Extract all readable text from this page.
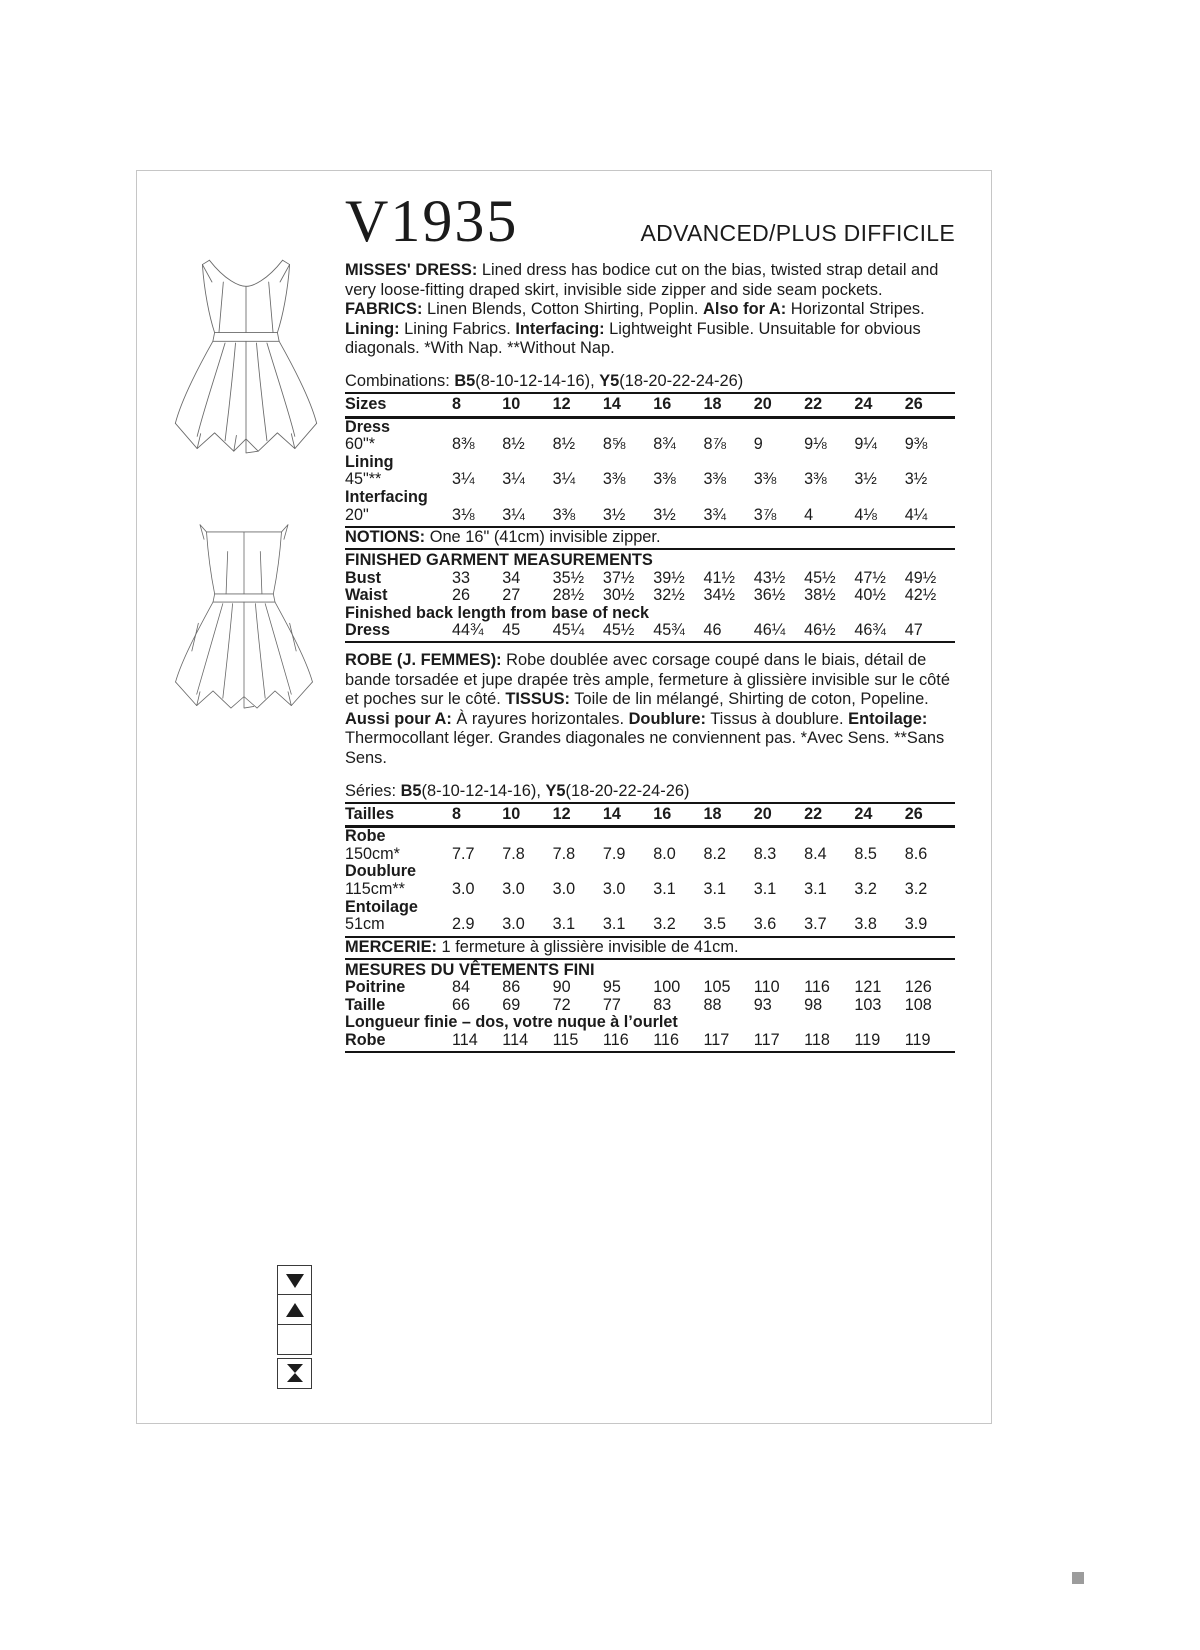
V1935	ADVANCED/PLUS DIFFICILE

MISSES' DRESS: Lined dress has bodice cut on the bias, twisted strap detail and very loose-fitting draped skirt, invisible side zipper and side seam pockets. FABRICS: Linen Blends, Cotton Shirting, Poplin. Also for A: Horizontal Stripes. Lining: Lining Fabrics. Interfacing: Lightweight Fusible. Unsuitable for obvious diagonals. *With Nap. **Without Nap.

Combinations: B5(8-10-12-14-16), Y5(18-20-22-24-26)
Sizes	8	10	12	14	16	18	20	22	24	26
Dress
60"*	8⅜	8½	8½	8⅝	8¾	8⅞	9	9⅛	9¼	9⅜
Lining
45"**	3¼	3¼	3¼	3⅜	3⅜	3⅜	3⅜	3⅜	3½	3½
Interfacing
20"	3⅛	3¼	3⅜	3½	3½	3¾	3⅞	4	4⅛	4¼
NOTIONS: One 16" (41cm) invisible zipper.
FINISHED GARMENT MEASUREMENTS
Bust	33	34	35½	37½	39½	41½	43½	45½	47½	49½
Waist	26	27	28½	30½	32½	34½	36½	38½	40½	42½
Finished back length from base of neck
Dress	44¾	45	45¼	45½	45¾	46	46¼	46½	46¾	47

ROBE (J. FEMMES): Robe doublée avec corsage coupé dans le biais, détail de bande torsadée et jupe drapée très ample, fermeture à glissière invisible sur le côté et poches sur le côté. TISSUS: Toile de lin mélangé, Shirting de coton, Popeline. Aussi pour A: À rayures horizontales. Doublure: Tissus à doublure. Entoilage: Thermocollant léger. Grandes diagonales ne conviennent pas. *Avec Sens. **Sans Sens.

Séries: B5(8-10-12-14-16), Y5(18-20-22-24-26)
Tailles	8	10	12	14	16	18	20	22	24	26
Robe
150cm*	7.7	7.8	7.8	7.9	8.0	8.2	8.3	8.4	8.5	8.6
Doublure
115cm**	3.0	3.0	3.0	3.0	3.1	3.1	3.1	3.1	3.2	3.2
Entoilage
51cm	2.9	3.0	3.1	3.1	3.2	3.5	3.6	3.7	3.8	3.9
MERCERIE: 1 fermeture à glissière invisible de 41cm.
MESURES DU VÊTEMENTS FINI
Poitrine	84	86	90	95	100	105	110	116	121	126
Taille	66	69	72	77	83	88	93	98	103	108
Longueur finie – dos, votre nuque à l’ourlet
Robe	114	114	115	116	116	117	117	118	119	119
